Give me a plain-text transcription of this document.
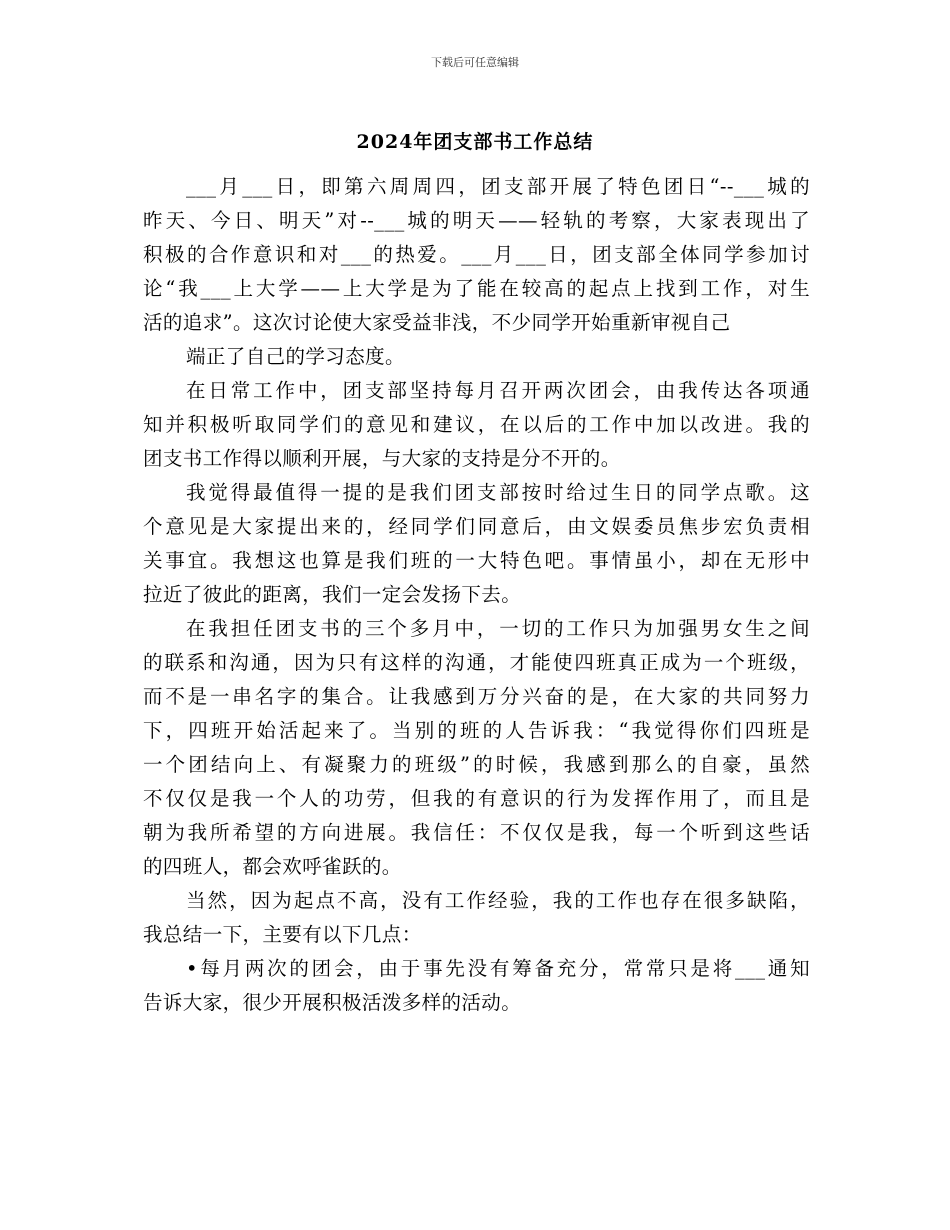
下载后可任意编辑
2024年团支部书工作总结
___月___日，即第六周周四，团支部开展了特色团日“--___城的
昨天、今日、明天”对--___城的明天——轻轨的考察，大家表现出了
积极的合作意识和对___的热爱。___月___日，团支部全体同学参加讨
论“我___上大学——上大学是为了能在较高的起点上找到工作，对生
活的追求”。这次讨论使大家受益非浅，不少同学开始重新审视自己
端正了自己的学习态度。
在日常工作中，团支部坚持每月召开两次团会，由我传达各项通
知并积极听取同学们的意见和建议，在以后的工作中加以改进。我的
团支书工作得以顺利开展，与大家的支持是分不开的。
我觉得最值得一提的是我们团支部按时给过生日的同学点歌。这
个意见是大家提出来的，经同学们同意后，由文娱委员焦步宏负责相
关事宜。我想这也算是我们班的一大特色吧。事情虽小，却在无形中
拉近了彼此的距离，我们一定会发扬下去。
在我担任团支书的三个多月中，一切的工作只为加强男女生之间
的联系和沟通，因为只有这样的沟通，才能使四班真正成为一个班级，
而不是一串名字的集合。让我感到万分兴奋的是，在大家的共同努力
下，四班开始活起来了。当别的班的人告诉我：“我觉得你们四班是
一个团结向上、有凝聚力的班级”的时候，我感到那么的自豪，虽然
不仅仅是我一个人的功劳，但我的有意识的行为发挥作用了，而且是
朝为我所希望的方向进展。我信任：不仅仅是我，每一个听到这些话
的四班人，都会欢呼雀跃的。
当然，因为起点不高，没有工作经验，我的工作也存在很多缺陷，
我总结一下，主要有以下几点：
•每月两次的团会，由于事先没有筹备充分，常常只是将___通知
告诉大家，很少开展积极活泼多样的活动。
